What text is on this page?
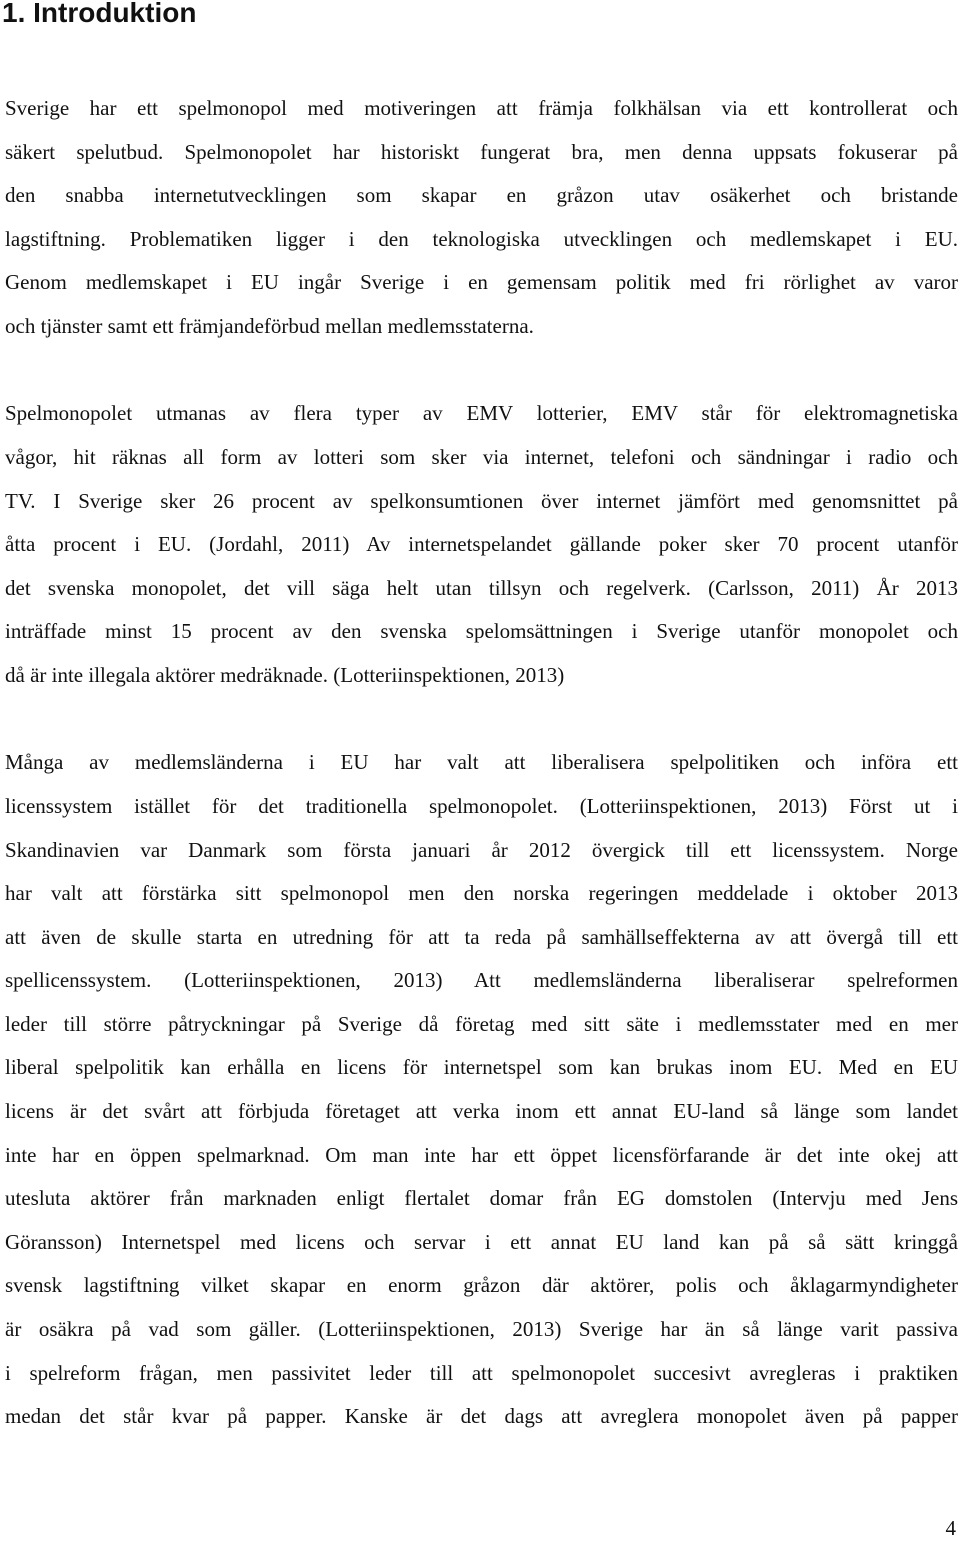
1. Introduktion

Sverige har ett spelmonopol med motiveringen att främja folkhälsan via ett kontrollerat och

säkert spelutbud. Spelmonopolet har historiskt fungerat bra, men denna uppsats fokuserar på

den snabba internetutvecklingen som skapar en gråzon utav osäkerhet och bristande

lagstiftning. Problematiken ligger i den teknologiska utvecklingen och medlemskapet i EU.

Genom medlemskapet i EU ingår Sverige i en gemensam politik med fri rörlighet av varor

och tjänster samt ett främjandeförbud mellan medlemsstaterna.

Spelmonopolet utmanas av flera typer av EMV lotterier, EMV står för elektromagnetiska

vågor, hit räknas all form av lotteri som sker via internet, telefoni och sändningar i radio och

TV. I Sverige sker 26 procent av spelkonsumtionen över internet jämfört med genomsnittet på

åtta procent i EU. (Jordahl, 2011) Av internetspelandet gällande poker sker 70 procent utanför

det svenska monopolet, det vill säga helt utan tillsyn och regelverk. (Carlsson, 2011) År 2013

inträffade minst 15 procent av den svenska spelomsättningen i Sverige utanför monopolet och

då är inte illegala aktörer medräknade. (Lotteriinspektionen, 2013)

Många av medlemsländerna i EU har valt att liberalisera spelpolitiken och införa ett

licenssystem istället för det traditionella spelmonopolet. (Lotteriinspektionen, 2013) Först ut i

Skandinavien var Danmark som första januari år 2012 övergick till ett licenssystem. Norge

har valt att förstärka sitt spelmonopol men den norska regeringen meddelade i oktober 2013

att även de skulle starta en utredning för att ta reda på samhällseffekterna av att övergå till ett

spellicenssystem. (Lotteriinspektionen, 2013) Att medlemsländerna liberaliserar spelreformen

leder till större påtryckningar på Sverige då företag med sitt säte i medlemsstater med en mer

liberal spelpolitik kan erhålla en licens för internetspel som kan brukas inom EU. Med en EU

licens är det svårt att förbjuda företaget att verka inom ett annat EU-land så länge som landet

inte har en öppen spelmarknad. Om man inte har ett öppet licensförfarande är det inte okej att

utesluta aktörer från marknaden enligt flertalet domar från EG domstolen (Intervju med Jens

Göransson) Internetspel med licens och servar i ett annat EU land kan på så sätt kringgå

svensk lagstiftning vilket skapar en enorm gråzon där aktörer, polis och åklagarmyndigheter

är osäkra på vad som gäller. (Lotteriinspektionen, 2013) Sverige har än så länge varit passiva

i spelreform frågan, men passivitet leder till att spelmonopolet succesivt avregleras i praktiken

medan det står kvar på papper. Kanske är det dags att avreglera monopolet även på papper

4
